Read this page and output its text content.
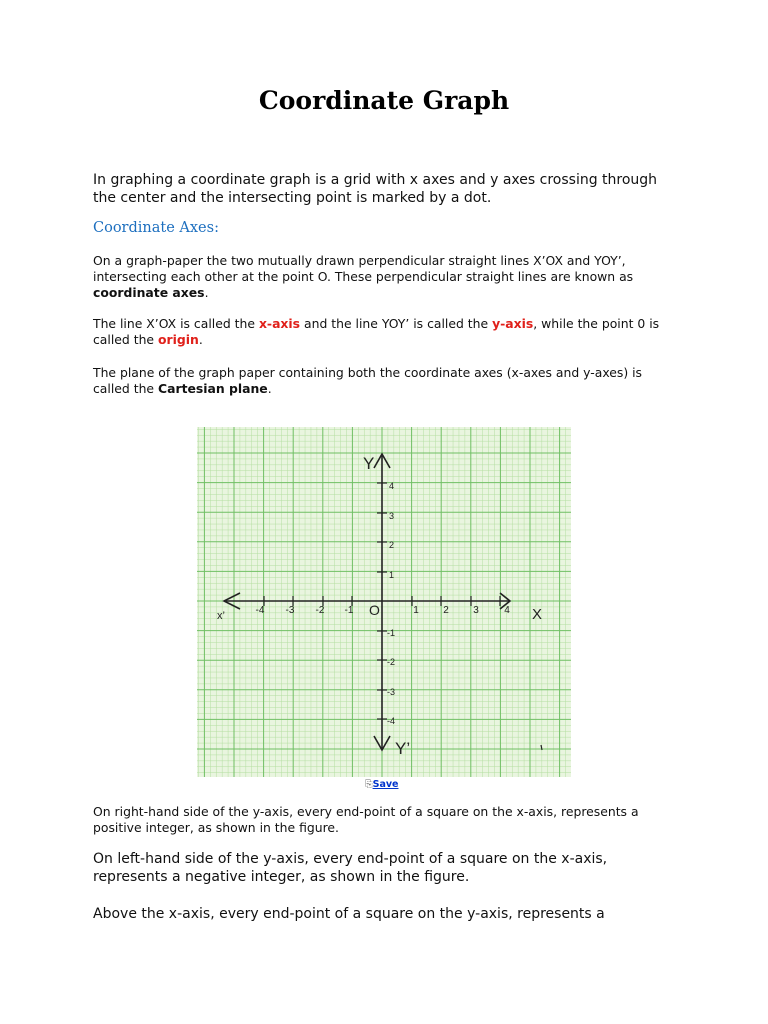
Coordinate Graph

In graphing a coordinate graph is a grid with x axes and y axes crossing through the center and the intersecting point is marked by a dot.

Coordinate Axes:

On a graph-paper the two mutually drawn perpendicular straight lines X’OX and YOY’, intersecting each other at the point O. These perpendicular straight lines are known as coordinate axes.

The line X’OX is called the x-axis and the line YOY’ is called the y-axis, while the point 0 is called the origin.

The plane of the graph paper containing both the coordinate axes (x-axes and y-axes) is called the Cartesian plane.

Y
Y’
X
x’	O
-4 -3 -2 -1	1 2 3	4
4
3
2
1
-1
-2
-3
-4
⎘Save

On right-hand side of the y-axis, every end-point of a square on the x-axis, represents a positive integer, as shown in the figure.

On left-hand side of the y-axis, every end-point of a square on the x-axis, represents a negative integer, as shown in the figure.

Above the x-axis, every end-point of a square on the y-axis, represents a
